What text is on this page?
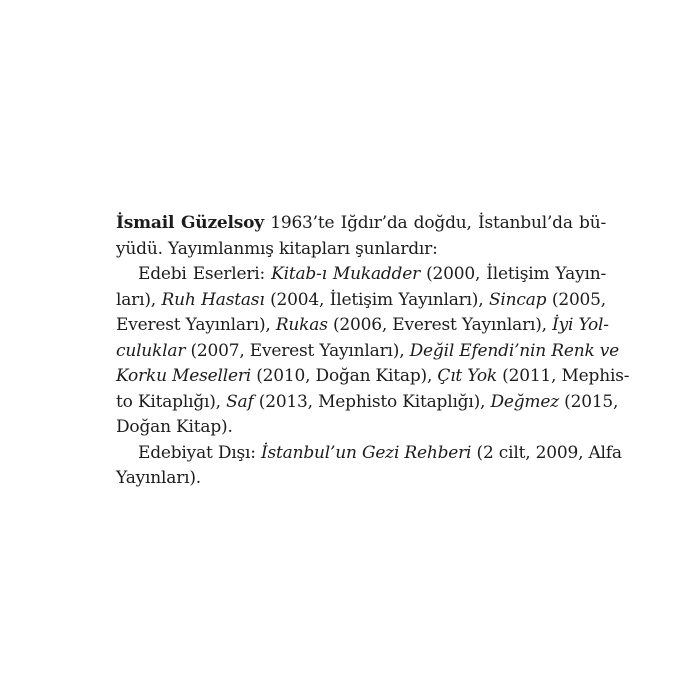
İsmail Güzelsoy 1963’te Iğdır’da doğdu, İstanbul’da bü-
yüdü. Yayımlanmış kitapları şunlardır:

Edebi Eserleri: Kitab-ı Mukadder (2000, İletişim Yayın-
ları), Ruh Hastası (2004, İletişim Yayınları), Sincap (2005,
Everest Yayınları), Rukas (2006, Everest Yayınları), İyi Yol-
culuklar (2007, Everest Yayınları), Değil Efendi’nin Renk ve
Korku Meselleri (2010, Doğan Kitap), Çıt Yok (2011, Mephis-
to Kitaplığı), Saf (2013, Mephisto Kitaplığı), Değmez (2015,
Doğan Kitap).

Edebiyat Dışı: İstanbul’un Gezi Rehberi (2 cilt, 2009, Alfa
Yayınları).
